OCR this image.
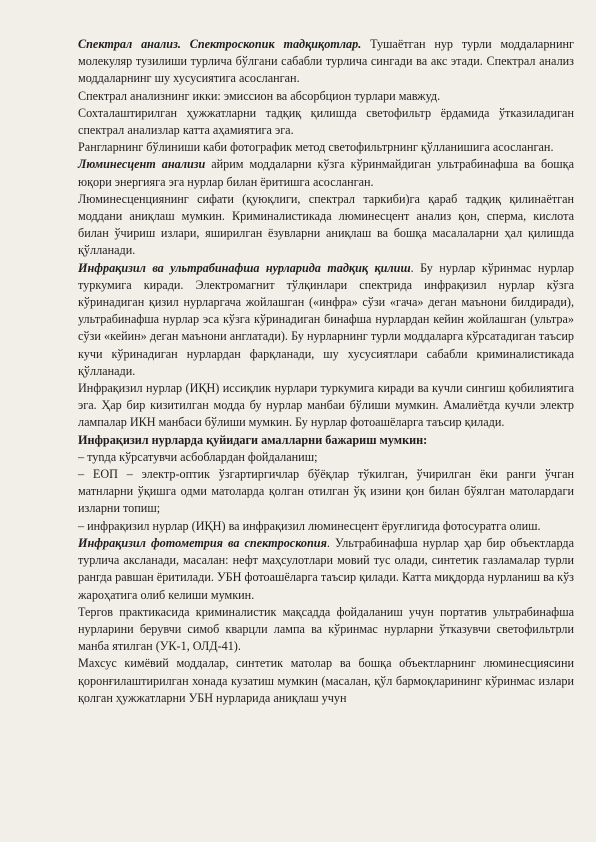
Спектрал анализ. Спектроскопик тадқиқотлар. Тушаётган нур турли моддаларнинг молекуляр тузилиши турлича бўлгани сабабли турлича сингади ва акс этади. Спектрал анализ моддаларнинг шу хусусиятига асосланган.

Спектрал анализнинг икки: эмиссион ва абсорбцион турлари мавжуд.

Сохталаштирилган ҳужжатларни тадқиқ қилишда светофильтр ёрдамида ўтказиладиган спектрал анализлар катта аҳамиятига эга.

Рангларнинг бўлиниши каби фотографик метод светофильтрнинг қўлланишига асосланган.

Люминесцент анализи айрим моддаларни кўзга кўринмайдиган ультрабинафша ва бошқа юқори энергияга эга нурлар билан ёритишга асосланган.

Люминесценциянинг сифати (қуюқлиги, спектрал таркиби)га қараб тадқиқ қилинаётган моддани аниқлаш мумкин. Криминалистикада люминесцент анализ қон, сперма, кислота билан ўчириш излари, яширилган ёзувларни аниқлаш ва бошқа масалаларни ҳал қилишда қўлланади.

Инфрақизил ва ультрабинафша нурларида тадқиқ қилиш. Бу нурлар кўринмас нурлар туркумига киради. Электромагнит тўлқинлари спектрида инфрақизил нурлар кўзга кўринадиган қизил нурларгача жойлашган («инфра» сўзи «гача» деган маънони билдиради), ультрабинафша нурлар эса кўзга кўринадиган бинафша нурлардан кейин жойлашган (ультра» сўзи «кейин» деган маънони англатади). Бу нурларнинг турли моддаларга кўрсатадиган таъсир кучи кўринадиган нурлардан фарқланади, шу хусусиятлари сабабли криминалистикада қўлланади.

Инфрақизил нурлар (ИҚН) иссиқлик нурлари туркумига киради ва кучли сингиш қобилиятига эга. Ҳар бир кизитилган модда бу нурлар манбаи бўлиши мумкин. Амалиётда кучли электр лампалар ИКН манбаси бўлиши мумкин. Бу нурлар фотоашёларга таъсир қилади.

Инфрақизил нурларда қуйидаги амалларни бажариш мумкин:

– туnда кўрсатувчи асбоблардан фойдаланиш;

– ЕОП – электр-оптик ўзгартиргичлар бўёқлар тўкилган, ўчирилган ёки ранги ўчган матнларни ўқишга одми матоларда қолган отилган ўқ изини қон билан бўялган матолардаги изларни топиш;

– инфрақизил нурлар (ИҚН) ва инфрақизил люминесцент ёруғлигида фотосуратга олиш.

Инфрақизил фотометрия ва спектроскопия. Ультрабинафша нурлар ҳар бир объектларда турлича аксланади, масалан: нефт маҳсулотлари мовий тус олади, синтетик газламалар турли рангда равшан ёритилади. УБН фотоашёларга таъсир қилади. Катта миқдорда нурланиш ва кўз жароҳатига олиб келиши мумкин.

Тергов практикасида криминалистик мақсадда фойдаланиш учун портатив ультрабинафша нурларини берувчи симоб кварцли лампа ва кўринмас нурларни ўтказувчи светофильтрли манба ятилган (УК-1, ОЛД-41).

Махсус кимёвий моддалар, синтетик матолар ва бошқа объектларнинг люминесциясини қоронғилаштирилган хонада кузатиш мумкин (масалан, қўл бармоқларининг кўринмас излари қолган ҳужжатларни УБН нурларида аниқлаш учун
